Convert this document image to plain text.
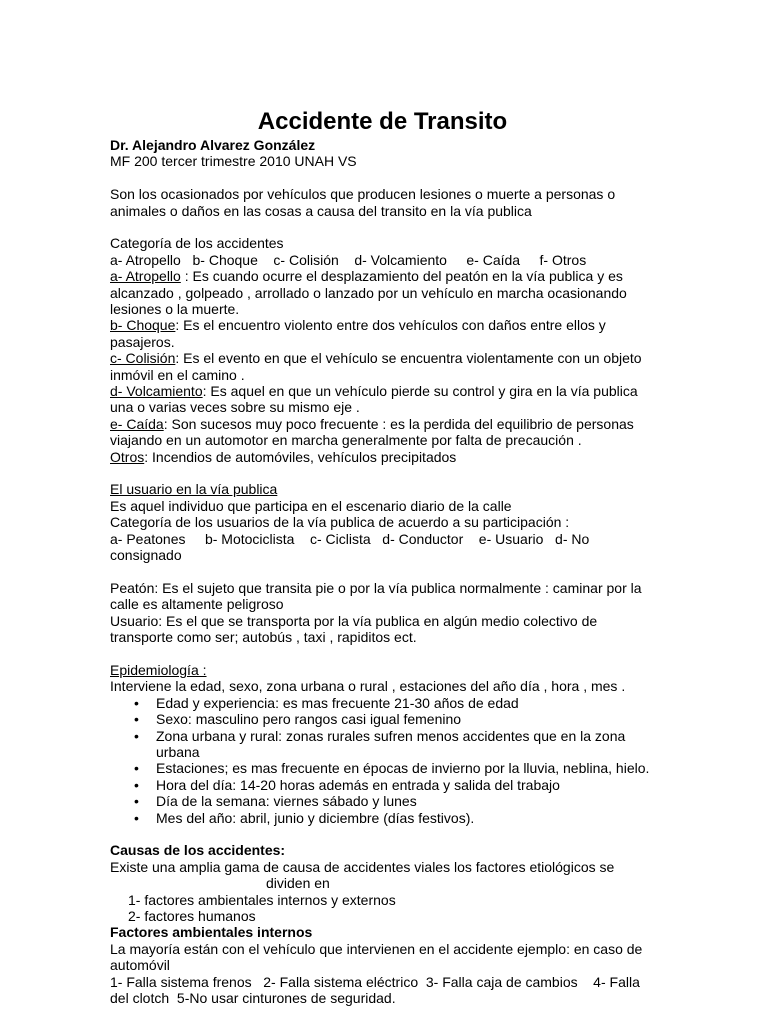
Accidente de Transito
Dr. Alejandro Alvarez González
MF 200 tercer trimestre 2010 UNAH VS
Son los ocasionados por vehículos que producen lesiones o muerte a personas o animales o daños en las cosas a causa del transito en la vía publica
Categoría de los accidentes
a- Atropello   b- Choque    c- Colisión    d- Volcamiento     e- Caída     f- Otros
a- Atropello : Es cuando ocurre el desplazamiento del peatón en la vía publica y es alcanzado , golpeado , arrollado o lanzado por un vehículo en marcha ocasionando lesiones o la muerte.
b- Choque: Es el encuentro violento entre dos vehículos con daños entre ellos y pasajeros.
c- Colisión: Es el evento en que el vehículo se encuentra violentamente con un objeto inmóvil en el camino .
d- Volcamiento: Es aquel en que un vehículo pierde su control y gira en la vía publica una o varias veces sobre su mismo eje .
e- Caída: Son sucesos muy poco frecuente : es la perdida del equilibrio de personas viajando en un automotor en marcha generalmente por falta de precaución .
Otros: Incendios de automóviles, vehículos precipitados
El usuario en la vía publica
Es aquel individuo que participa en el escenario diario de la calle
Categoría de los usuarios de la vía publica de acuerdo a su participación :
a- Peatones     b- Motociclista    c- Ciclista   d- Conductor    e- Usuario   d- No consignado
Peatón: Es el sujeto que transita pie o por la vía publica normalmente : caminar por la calle es altamente peligroso
Usuario: Es el que se transporta por la vía publica en algún medio colectivo de transporte como ser; autobús , taxi , rapiditos ect.
Epidemiología :
Interviene la edad, sexo, zona urbana o rural , estaciones del año día , hora , mes .
• Edad y experiencia: es mas frecuente 21-30 años de edad
• Sexo: masculino pero rangos casi igual femenino
• Zona urbana y rural: zonas rurales sufren menos accidentes que en la zona urbana
• Estaciones; es mas frecuente en épocas de invierno por la lluvia, neblina, hielo.
• Hora del día: 14-20 horas además en entrada y salida del trabajo
• Día de la semana: viernes sábado y lunes
• Mes del año: abril, junio y diciembre (días festivos).
Causas de los accidentes:
Existe una amplia gama de causa de accidentes viales los factores etiológicos se
dividen en
1- factores ambientales internos y externos
2- factores humanos
Factores ambientales internos
La mayoría están con el vehículo que intervienen en el accidente ejemplo: en caso de automóvil
1- Falla sistema frenos   2- Falla sistema eléctrico  3- Falla caja de cambios    4- Falla del clotch  5-No usar cinturones de seguridad.
